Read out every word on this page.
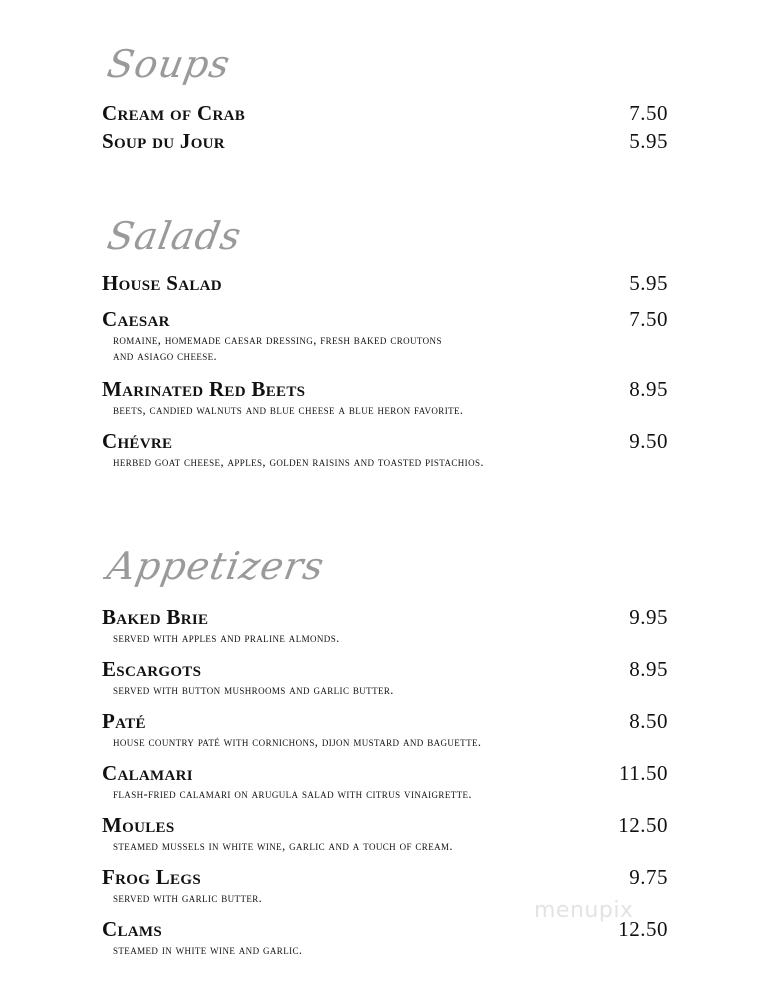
Soups
Cream of Crab	7.50
Soup du Jour	5.95
Salads
House Salad	5.95
Caesar	7.50
romaine, homemade caesar dressing, fresh baked croutons and asiago cheese.
Marinated Red Beets	8.95
beets, candied walnuts and blue cheese a blue heron favorite.
Chévre	9.50
herbed goat cheese, apples, golden raisins and toasted pistachios.
Appetizers
Baked Brie	9.95
served with apples and praline almonds.
Escargots	8.95
served with button mushrooms and garlic butter.
Paté	8.50
house country paté with cornichons, dijon mustard and baguette.
Calamari	11.50
flash-fried calamari on arugula salad with citrus vinaigrette.
Moules	12.50
steamed mussels in white wine, garlic and a touch of cream.
Frog Legs	9.75
served with garlic butter.
Clams	12.50
steamed in white wine and garlic.
menupix
